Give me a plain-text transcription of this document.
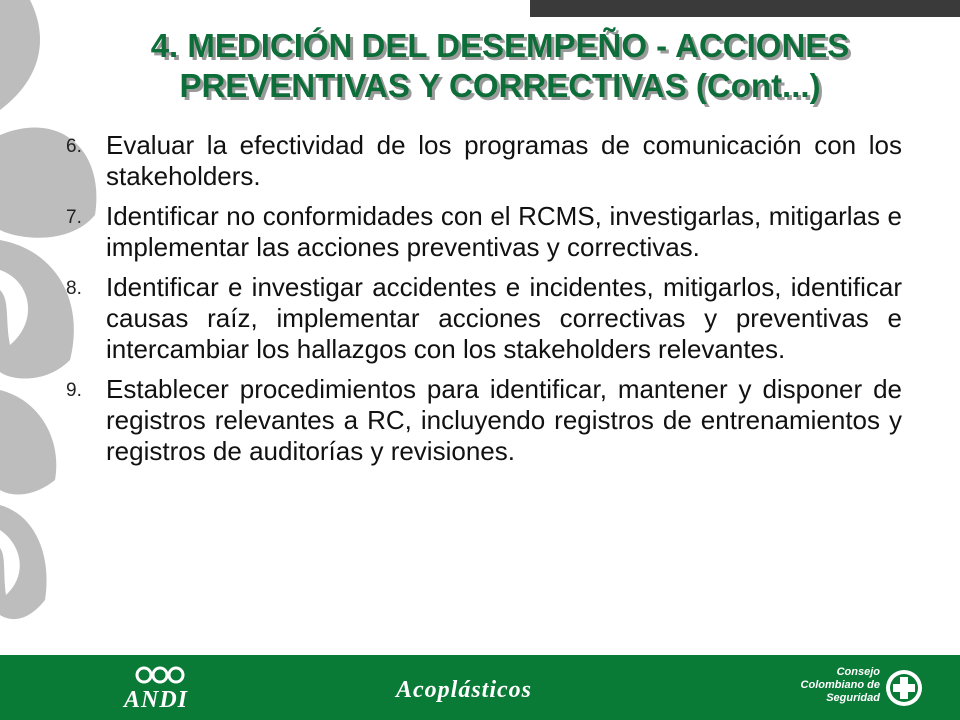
4. MEDICIÓN DEL DESEMPEÑO - ACCIONES
PREVENTIVAS Y CORRECTIVAS (Cont...)
6. Evaluar la efectividad de los programas de comunicación con los stakeholders.
7. Identificar no conformidades con el RCMS, investigarlas, mitigarlas e implementar las acciones preventivas y correctivas.
8. Identificar e investigar accidentes e incidentes, mitigarlos, identificar causas raíz, implementar acciones correctivas y preventivas e intercambiar los hallazgos con los stakeholders relevantes.
9. Establecer procedimientos para identificar, mantener y disponer de registros relevantes a RC, incluyendo registros de entrenamientos y registros de auditorías y revisiones.
ANDI	Acoplásticos
Consejo
Colombiano de
Seguridad
